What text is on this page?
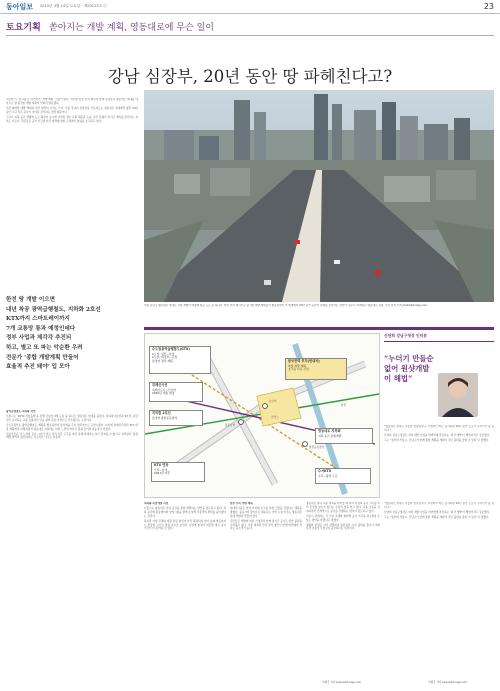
동아일보 2015년 3월 14일 토요일 · 제29123호 ⓒ	23
토요기획 쏟아지는 개발 계획, 영동대로에 무슨 일이
강남 심장부, 20년 동안 땅 파헤친다고?

서울의 이 ‘싱크홀’은 여기저기 ‘개발 계획’ 모습이 많다. 지난해 한전 부지 매각과 함께 삼성동과 영동대로 일대를 대상으로 한 굵직한 개발 계획이 잇따라 발표됐다.

이런 화려한 개발 계획과 달리 현장의 우려도 크다. 서울 강남의 심장부를 가로지르는 영동대로 일대에서 향후 20년 동안 크고 작은 공사가 이어질 것이라는 전망 때문이다.

그러나 지하 공간 개발과 도로 확장이 동시에 이뤄질 경우 교통 체증과 소음, 분진 문제가 장기간 계속될 것이라는 지적도 나온다. 주민들은 공사 기간과 안전 대책에 대한 구체적인 설명을 요구하고 있다.

서울 강남구 영동대로 일대는 각종 개발이 예정돼 있는 도로 중 하나다. 한전 부지 매각으로 굵직한 개발 계획들이 발표되면서 이 일대에서 20년 동안 공사가 진행될 것이라는 전망이 나온다. 아래쪽은 영동대로 전경. 사진 이석 기자 photo@donga.com
한전 땅 개발 이으면
내년 착공 광역급행철도, 지하화 2호선
KTX까지 스마트레이까지
7개 교통망 통과 예정인데다
정부 사업과 제각각 추진되
하고, 별고 또 파는 악순환 우려
전문가 ‘종합 개발계획 만들어
효율적 추진 돼야’ 입 모아
수도권광역급행철도(GTX)
A노선: 일산~삼성
C노선: 의정부~금정
삼성역 정차 계획
위례신사선
위례신도시~신사역
2020년 개통 예정
지하철 2호선
삼성역·종합운동장역
한국전력 부지(현대차)
복합 개발 계획
초고층 사옥 건립
영동대로 지하화
지하 공간 통합개발
KTX 연장
수서~삼성
2021년 이후
수서KTX
수서~평택 구간
삼성역
봉은사역
종합운동장역
코엑스
탄천
신연희 강남구청장 인터뷰
“누더기 만들순 없어 원샷개발이 해법”

“영동대로 일대는 서울의 얼굴입니다. 사업마다 따로 공사하면 20년 동안 도로가 누더기가 될 겁니다.”

신연희 강남구청장은 여러 개발 사업을 한꺼번에 추진하는 ‘원샷 개발’이 해법이라고 강조했다.

그는 “정부와 서울시, 강남구가 함께 종합 계획을 세워야 주민 불편을 줄일 수 있다”고 말했다.

광역급행철도·지하화 사업

서울시는 ‘2030 서울플랜’을 통해 강남권 3개 도심 중 하나로 영동대로 일대를 꼽았다. 지하철 2호선과 9호선, 분당선이 교차하는 교통 요충지인 만큼 광역 교통 거점으로 키우겠다는 구상이다.

국토교통부는 광역급행철도 계획을 발표하면서 삼성역을 주요 정차역으로 포함시켰다. 여기에 위례신사선과 KTX 연장 계획까지 더해지면서 영동대로 지하에는 여러 노선의 역사가 겹쳐 들어설 가능성이 커졌다.

전문가들은 각 노선의 공사 시기가 서로 달라 같은 구간을 여러 차례 파헤치는 일이 반복될 수 있다고 지적한다. 통합 개발 방식이 필요하다는 목소리가 나오는 이유다.

지하화·복합개발 사업

서울시는 영동대로 지하 공간을 통합 개발하는 방안을 검토하고 있다. 지하 공간에 환승센터와 상업시설을 함께 조성해 이용객의 편의를 높이겠다는 것이다.

하지만 사업 주체와 재원 분담 방식이 아직 확정되지 않아 실제 착공까지는 상당한 시간이 걸릴 것으로 보인다. 사업별 일정이 엇갈릴 경우 공사 기간이 더 길어질 수 있다.

한전 부지 개발 계획

현대차그룹은 한전 부지에 초고층 복합 건물을 짓겠다는 계획을 밝혔다. 공공기여 방식으로 제공되는 기반 시설 투자도 영동대로 일대 개발과 맞물려 있다.

주민들은 개발에 따른 기대감과 함께 장기간 공사로 인한 불편을 우려하고 있다. 교통 대책과 안전 관리 방안이 함께 마련돼야 한다는 목소리가 높다.

영동대로 일대 교통 대책을 마련할 때 여러 사업의 공사 시기를 미리 조정할 필요가 있다는 주장이 힘을 얻고 있다. 교통 흐름을 유지하면서 단계적으로 공사를 진행하는 방식이 검토되고 있다.

서울시 관계자는 각 사업 주체와 협의해 공사 기간을 최소화할 수 있는 방안을 찾겠다고 말했다.

정확한 일정은 아직 정해지지 않았지만 시민 불편을 줄이기 위한 사전 조율이 무엇보다 중요하다는 지적이다.

이형주 기자 peace@donga.com

“영동대로 일대는 서울의 얼굴입니다. 사업마다 따로 공사하면 20년 동안 도로가 누더기가 될 겁니다.”

신연희 강남구청장은 여러 개발 사업을 한꺼번에 추진하는 ‘원샷 개발’이 해법이라고 강조했다.

그는 “정부와 서울시, 강남구가 함께 종합 계획을 세워야 주민 불편을 줄일 수 있다”고 말했다.

이형주 기자 peace@donga.com
